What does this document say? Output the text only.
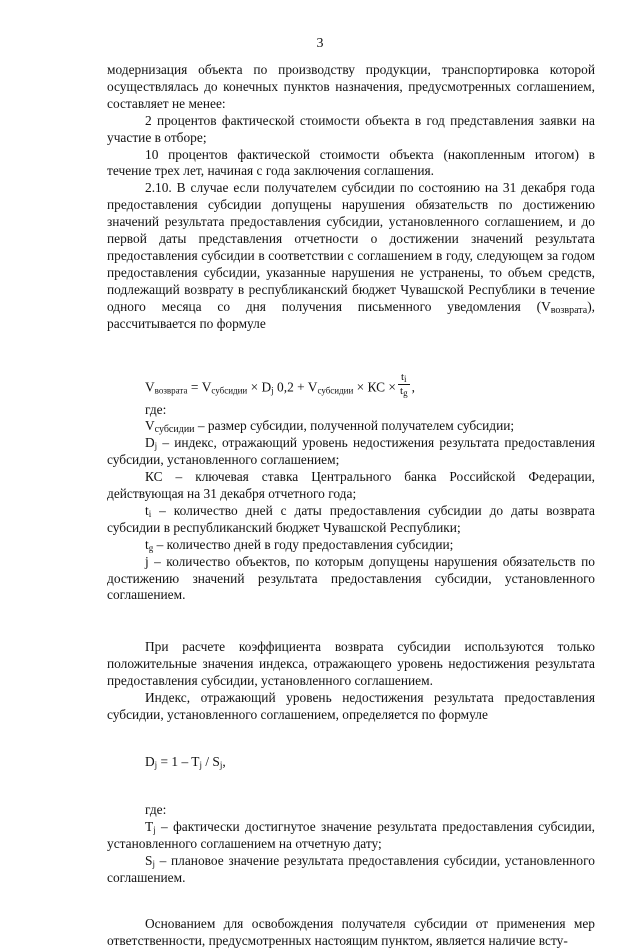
3

модернизация объекта по производству продукции, транспортировка которой осуществлялась до конечных пунктов назначения, предусмотренных соглашением, составляет не менее:

2 процентов фактической стоимости объекта в год представления заявки на участие в отборе;

10 процентов фактической стоимости объекта (накопленным итогом) в течение трех лет, начиная с года заключения соглашения.

2.10. В случае если получателем субсидии по состоянию на 31 декабря года предоставления субсидии допущены нарушения обязательств по достижению значений результата предоставления субсидии, установленного соглашением, и до первой даты представления отчетности о достижении значений результата предоставления субсидии в соответствии с соглашением в году, следующем за годом предоставления субсидии, указанные нарушения не устранены, то объем средств, подлежащий возврату в республиканский бюджет Чувашской Республики в течение одного месяца со дня получения письменного уведомления $(V_{возврата})$, рассчитывается по формуле

$V_{возврата} = V_{субсидии} \times D_j$ $0,2 + V_{субсидии}$ × КС × $\frac{t_i}{t_g}$ ,

где:

$V_{субсидии}$ – размер субсидии, полученной получателем субсидии;

$D_j$ – индекс, отражающий уровень недостижения результата предоставления субсидии, установленного соглашением;

КС – ключевая ставка Центрального банка Российской Федерации, действующая на 31 декабря отчетного года;

$t_i$ – количество дней с даты предоставления субсидии до даты возврата субсидии в республиканский бюджет Чувашской Республики;

$t_g$ – количество дней в году предоставления субсидии;

j – количество объектов, по которым допущены нарушения обязательств по достижению значений результата предоставления субсидии, установленного соглашением.

При расчете коэффициента возврата субсидии используются только положительные значения индекса, отражающего уровень недостижения результата предоставления субсидии, установленного соглашением.

Индекс, отражающий уровень недостижения результата предоставления субсидии, установленного соглашением, определяется по формуле

$D_j = 1 - T_j / S_j$,

где:

$T_j$ – фактически достигнутое значение результата предоставления субсидии, установленного соглашением на отчетную дату;

$S_j$ – плановое значение результата предоставления субсидии, установленного соглашением.

Основанием для освобождения получателя субсидии от применения мер ответственности, предусмотренных настоящим пунктом, является наличие всту-
